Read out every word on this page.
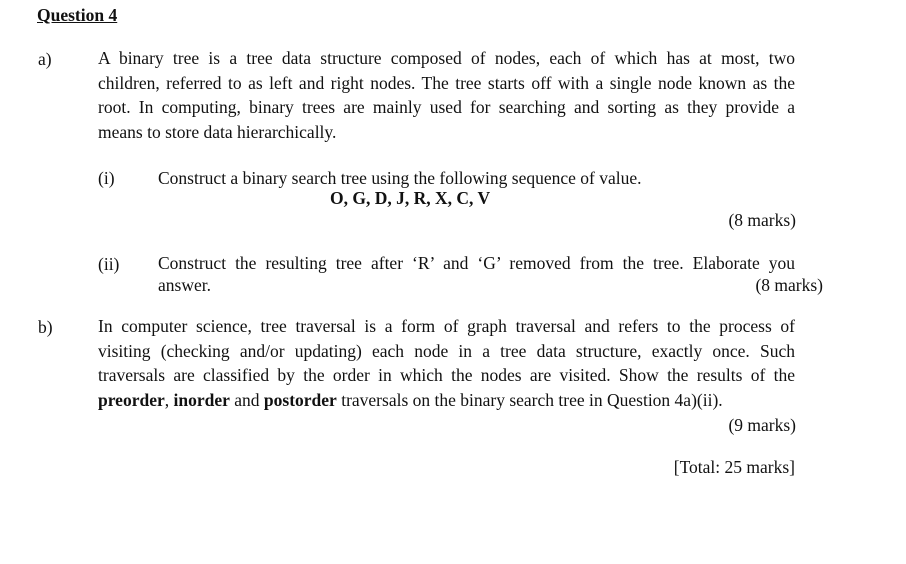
Question 4
a)	A binary tree is a tree data structure composed of nodes, each of which has at most, two
children, referred to as left and right nodes. The tree starts off with a single node known as the
root. In computing, binary trees are mainly used for searching and sorting as they provide a
means to store data hierarchically.
(i) Construct a binary search tree using the following sequence of value.
O, G, D, J, R, X, C, V
(8 marks)
(ii) Construct the resulting tree after ‘R’ and ‘G’ removed from the tree. Elaborate you
answer.	(8 marks)
b)	In computer science, tree traversal is a form of graph traversal and refers to the process of
visiting (checking and/or updating) each node in a tree data structure, exactly once. Such
traversals are classified by the order in which the nodes are visited. Show the results of the
preorder, inorder and postorder traversals on the binary search tree in Question 4a)(ii).
(9 marks)
[Total: 25 marks]
